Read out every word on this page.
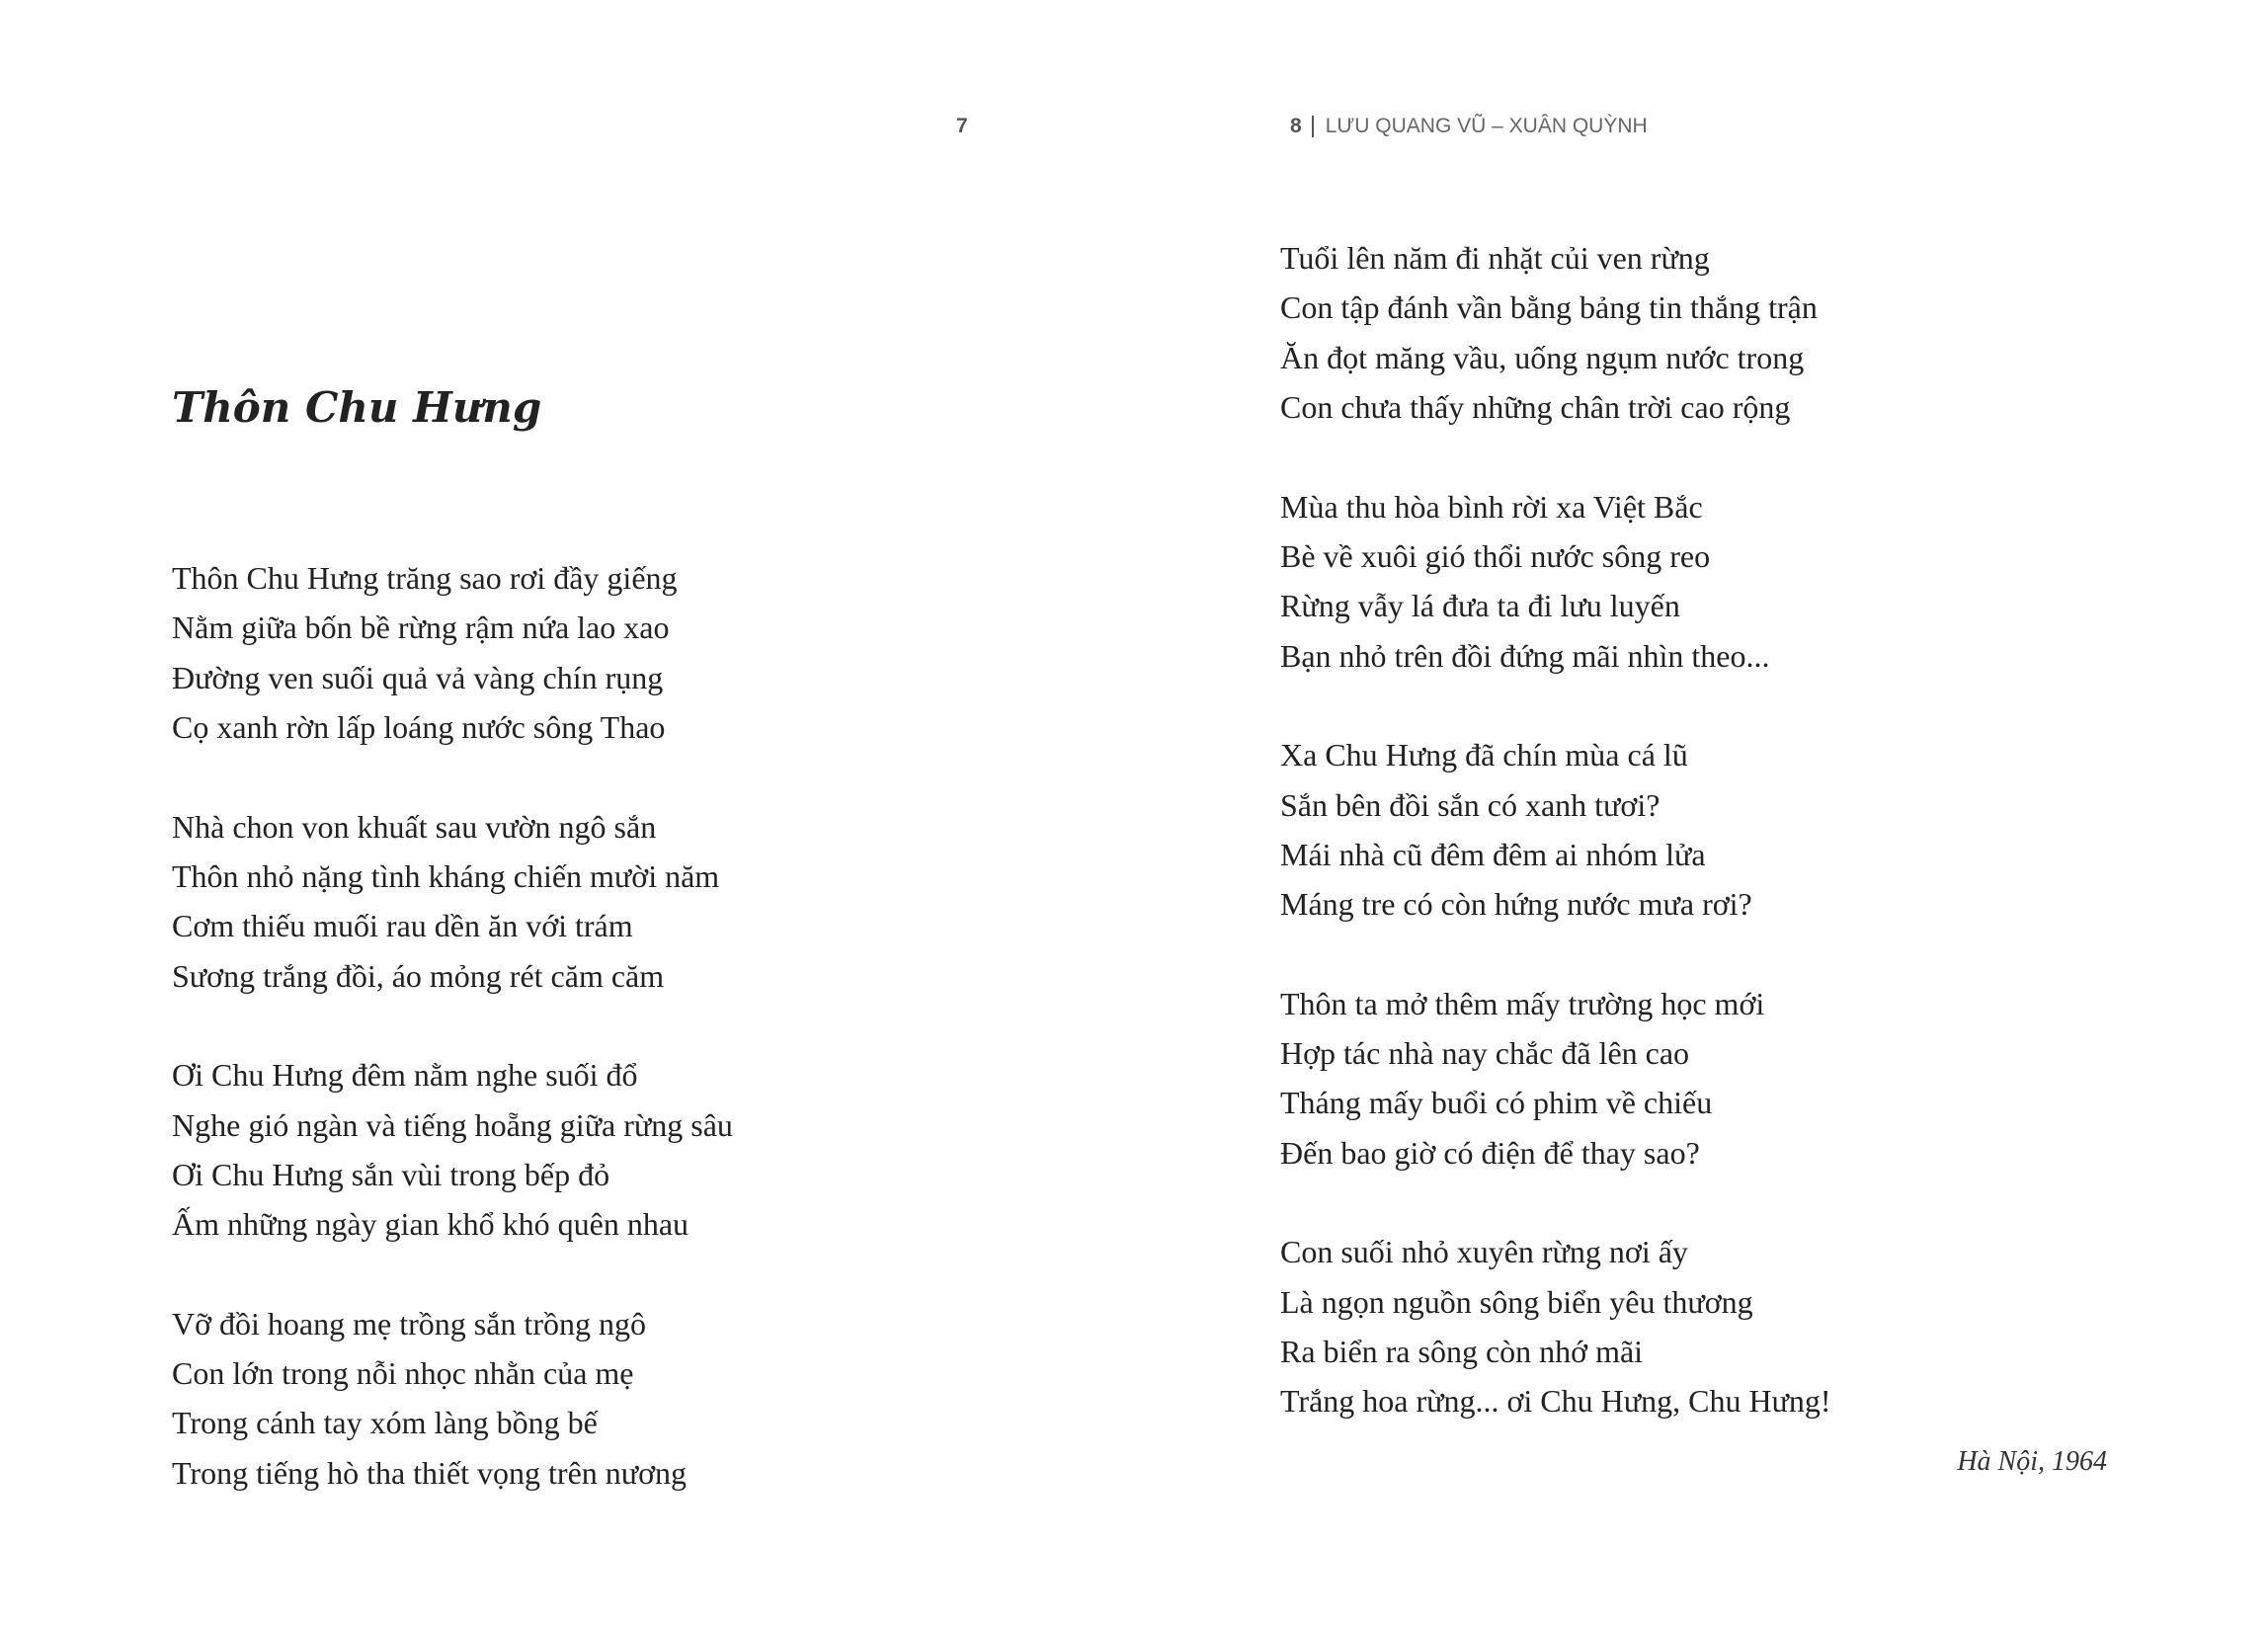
7
Thôn Chu Hưng
Thôn Chu Hưng trăng sao rơi đầy giếng
Nằm giữa bốn bề rừng rậm nứa lao xao
Đường ven suối quả vả vàng chín rụng
Cọ xanh rờn lấp loáng nước sông Thao
Nhà chon von khuất sau vườn ngô sắn
Thôn nhỏ nặng tình kháng chiến mười năm
Cơm thiếu muối rau dền ăn với trám
Sương trắng đồi, áo mỏng rét căm căm
Ơi Chu Hưng đêm nằm nghe suối đổ
Nghe gió ngàn và tiếng hoẵng giữa rừng sâu
Ơi Chu Hưng sắn vùi trong bếp đỏ
Ấm những ngày gian khổ khó quên nhau
Vỡ đồi hoang mẹ trồng sắn trồng ngô
Con lớn trong nỗi nhọc nhằn của mẹ
Trong cánh tay xóm làng bồng bế
Trong tiếng hò tha thiết vọng trên nương
8 LƯU QUANG VŨ – XUÂN QUỲNH
Tuổi lên năm đi nhặt củi ven rừng
Con tập đánh vần bằng bảng tin thắng trận
Ăn đọt măng vầu, uống ngụm nước trong
Con chưa thấy những chân trời cao rộng
Mùa thu hòa bình rời xa Việt Bắc
Bè về xuôi gió thổi nước sông reo
Rừng vẫy lá đưa ta đi lưu luyến
Bạn nhỏ trên đồi đứng mãi nhìn theo...
Xa Chu Hưng đã chín mùa cá lũ
Sắn bên đồi sắn có xanh tươi?
Mái nhà cũ đêm đêm ai nhóm lửa
Máng tre có còn hứng nước mưa rơi?
Thôn ta mở thêm mấy trường học mới
Hợp tác nhà nay chắc đã lên cao
Tháng mấy buổi có phim về chiếu
Đến bao giờ có điện để thay sao?
Con suối nhỏ xuyên rừng nơi ấy
Là ngọn nguồn sông biển yêu thương
Ra biển ra sông còn nhớ mãi
Trắng hoa rừng... ơi Chu Hưng, Chu Hưng!
Hà Nội, 1964
